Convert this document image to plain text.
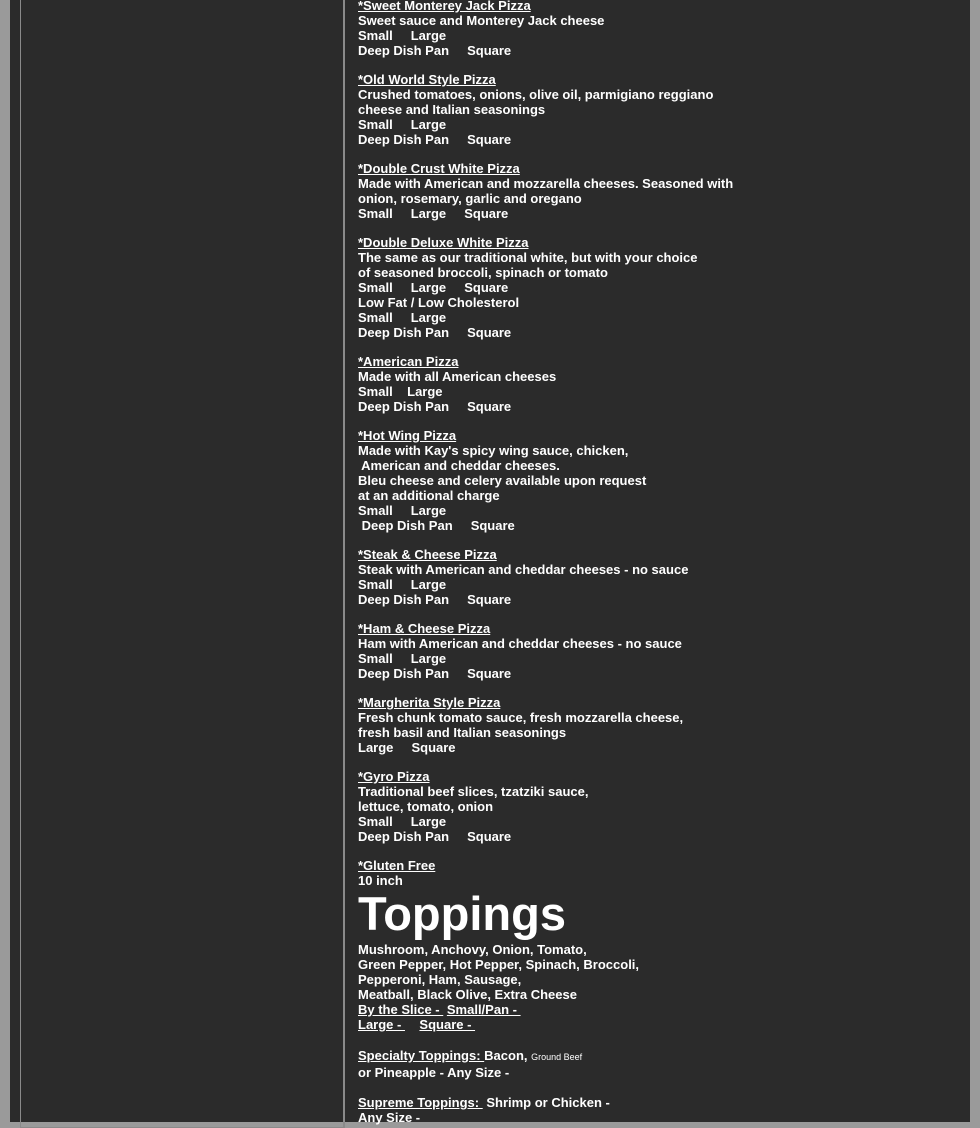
*Sweet Monterey Jack Pizza
Sweet sauce and Monterey Jack cheese
Small     Large
Deep Dish Pan     Square
*Old World Style Pizza
Crushed tomatoes, onions, olive oil, parmigiano reggiano
cheese and Italian seasonings
Small     Large
Deep Dish Pan     Square
*Double Crust White Pizza
Made with American and mozzarella cheeses. Seasoned with
onion, rosemary, garlic and oregano
Small     Large     Square
*Double Deluxe White Pizza
The same as our traditional white, but with your choice
of seasoned broccoli, spinach or tomato
Small     Large     Square
Low Fat / Low Cholesterol
Small     Large
Deep Dish Pan     Square
*American Pizza
Made with all American cheeses
Small    Large
Deep Dish Pan     Square
*Hot Wing Pizza
Made with Kay's spicy wing sauce, chicken,
American and cheddar cheeses.
Bleu cheese and celery available upon request
at an additional charge
Small     Large
Deep Dish Pan     Square
*Steak & Cheese Pizza
Steak with American and cheddar cheeses - no sauce
Small     Large
Deep Dish Pan     Square
*Ham & Cheese Pizza
Ham with American and cheddar cheeses - no sauce
Small     Large
Deep Dish Pan     Square
*Margherita Style Pizza
Fresh chunk tomato sauce, fresh mozzarella cheese,
fresh basil and Italian seasonings
Large     Square
*Gyro Pizza
Traditional beef slices, tzatziki sauce,
lettuce, tomato, onion
Small     Large
Deep Dish Pan     Square
*Gluten Free
10 inch
Toppings
Mushroom, Anchovy, Onion, Tomato,
Green Pepper, Hot Pepper, Spinach, Broccoli,
Pepperoni, Ham, Sausage,
Meatball, Black Olive, Extra Cheese
By the Slice -  Small/Pan -
Large -     Square -
Specialty Toppings: Bacon, Ground Beef
or Pineapple - Any Size -
Supreme Toppings:  Shrimp or Chicken -
Any Size -
